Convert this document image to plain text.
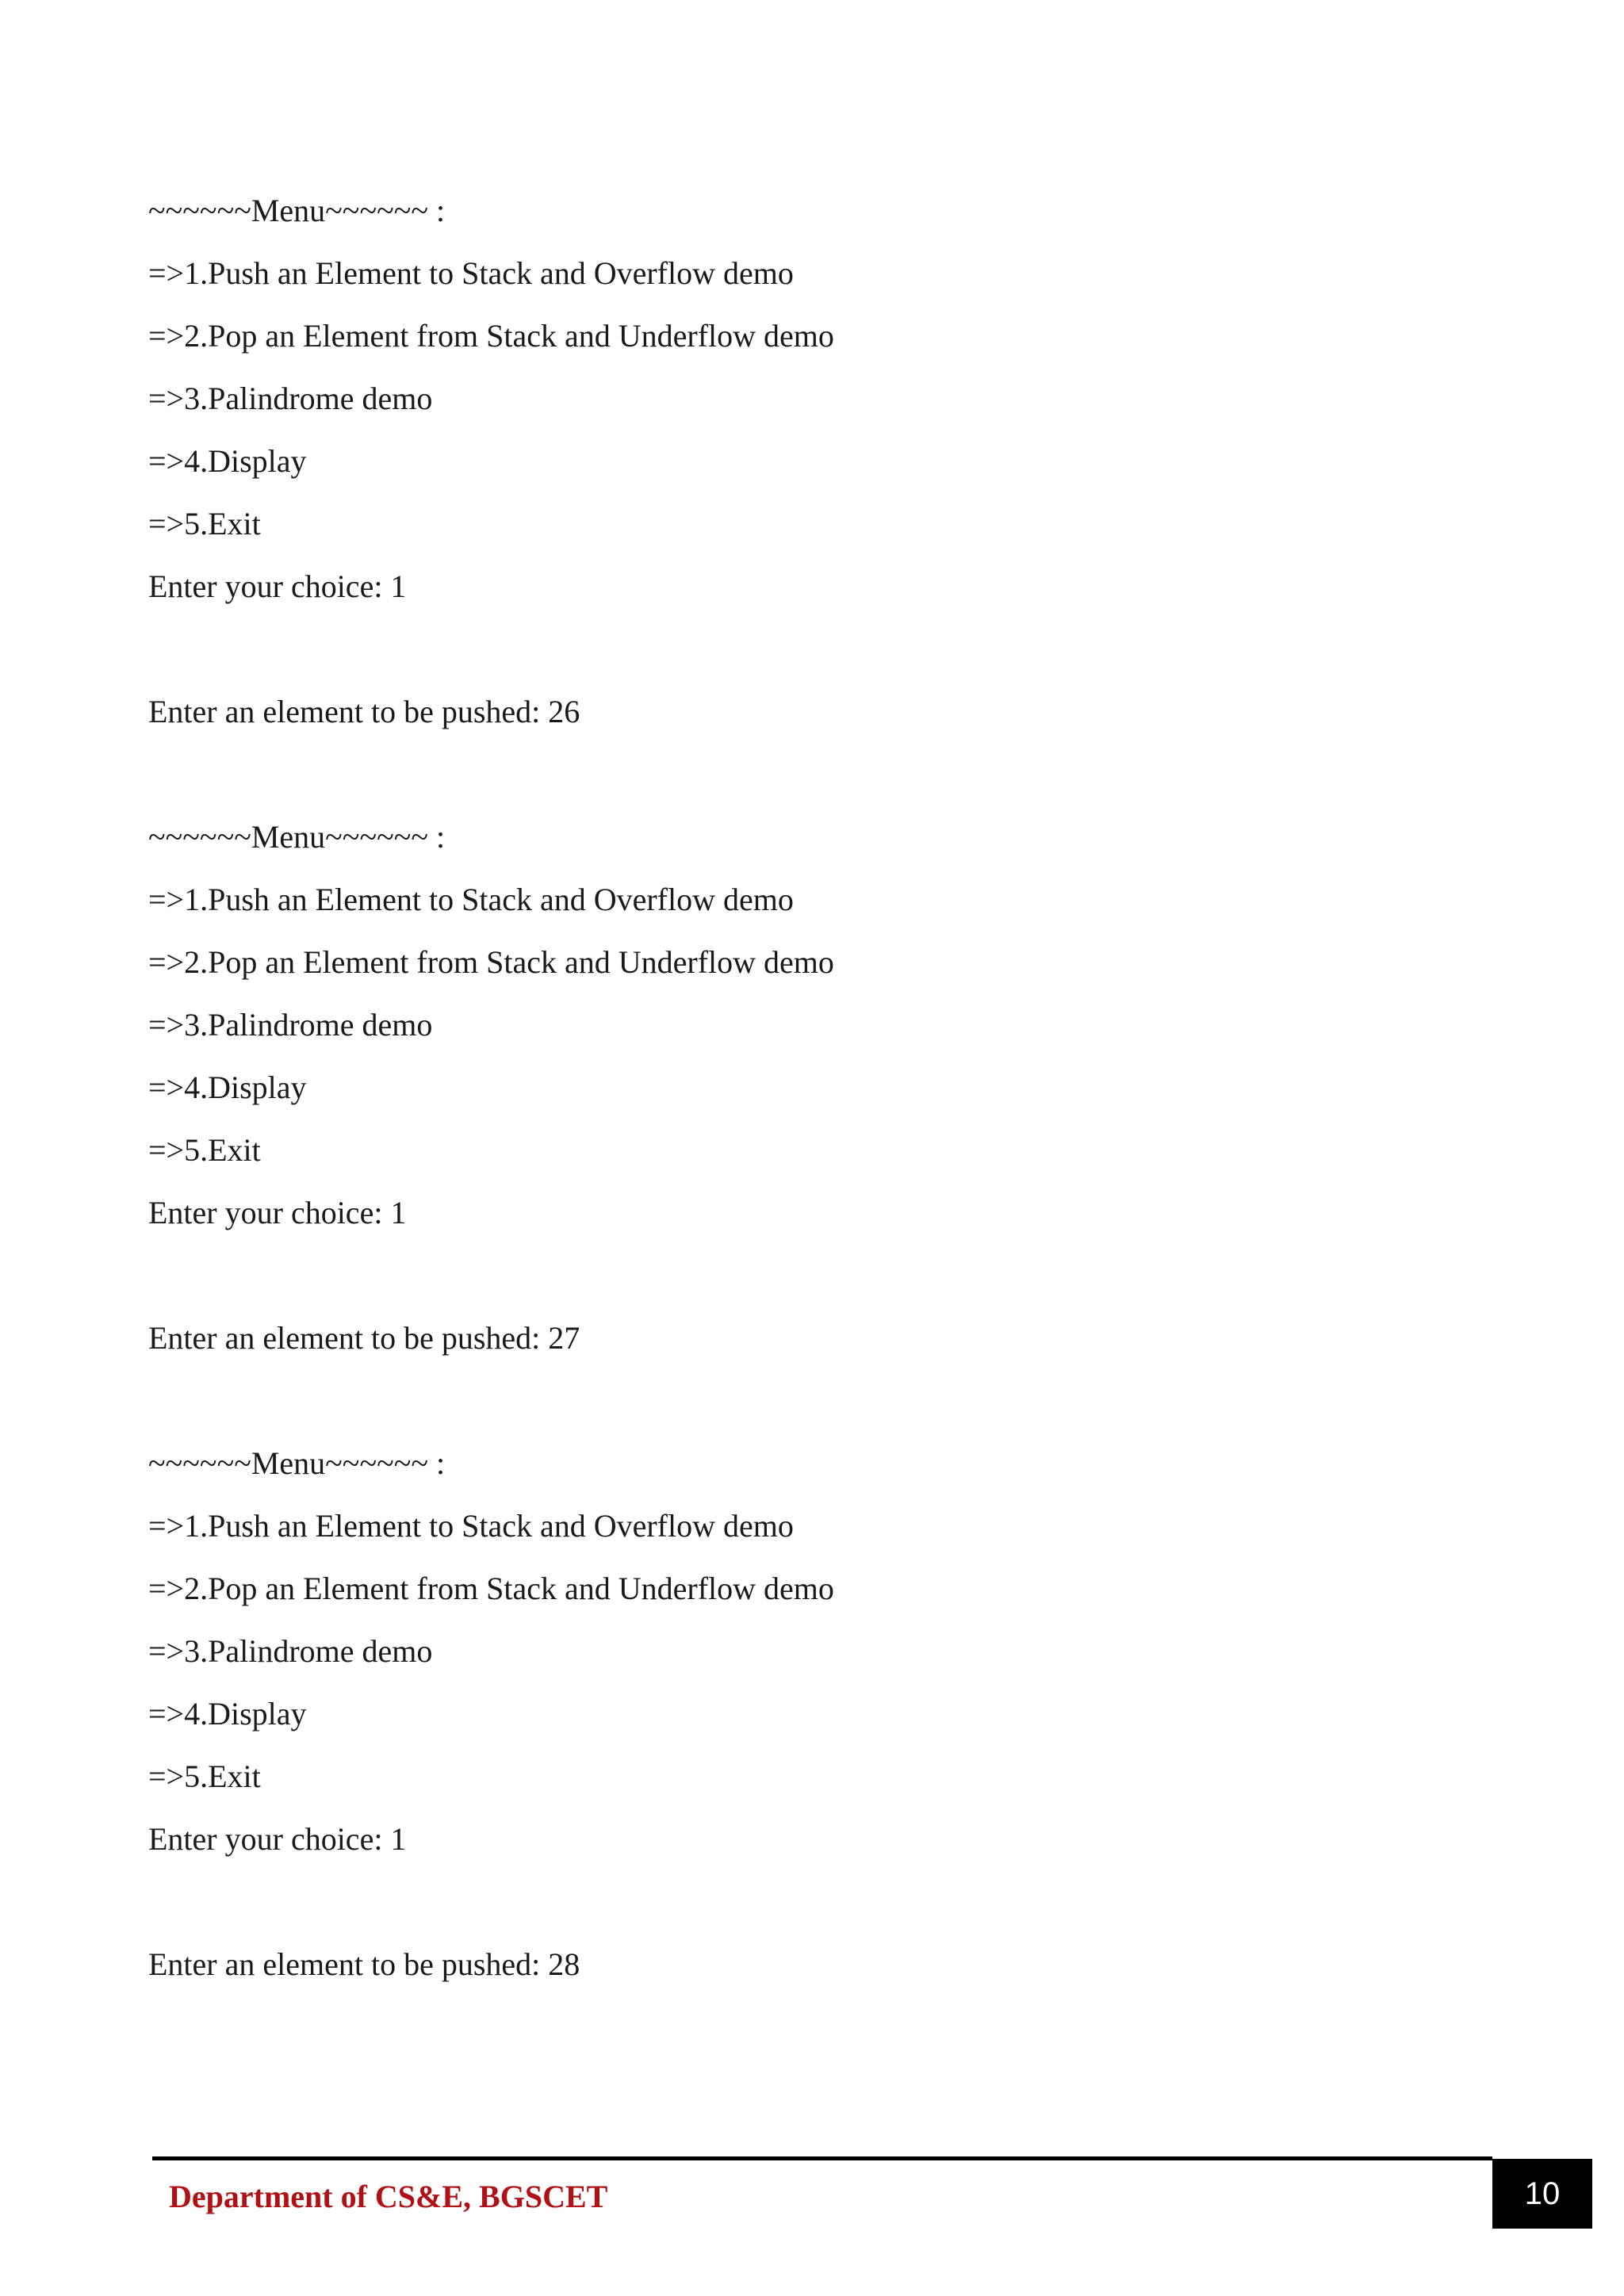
~~~~~~Menu~~~~~~ :
=>1.Push an Element to Stack and Overflow demo
=>2.Pop an Element from Stack and Underflow demo
=>3.Palindrome demo
=>4.Display
=>5.Exit
Enter your choice: 1
Enter an element to be pushed: 26
~~~~~~Menu~~~~~~ :
=>1.Push an Element to Stack and Overflow demo
=>2.Pop an Element from Stack and Underflow demo
=>3.Palindrome demo
=>4.Display
=>5.Exit
Enter your choice: 1
Enter an element to be pushed: 27
~~~~~~Menu~~~~~~ :
=>1.Push an Element to Stack and Overflow demo
=>2.Pop an Element from Stack and Underflow demo
=>3.Palindrome demo
=>4.Display
=>5.Exit
Enter your choice: 1
Enter an element to be pushed: 28
Department of CS&E, BGSCET	10
